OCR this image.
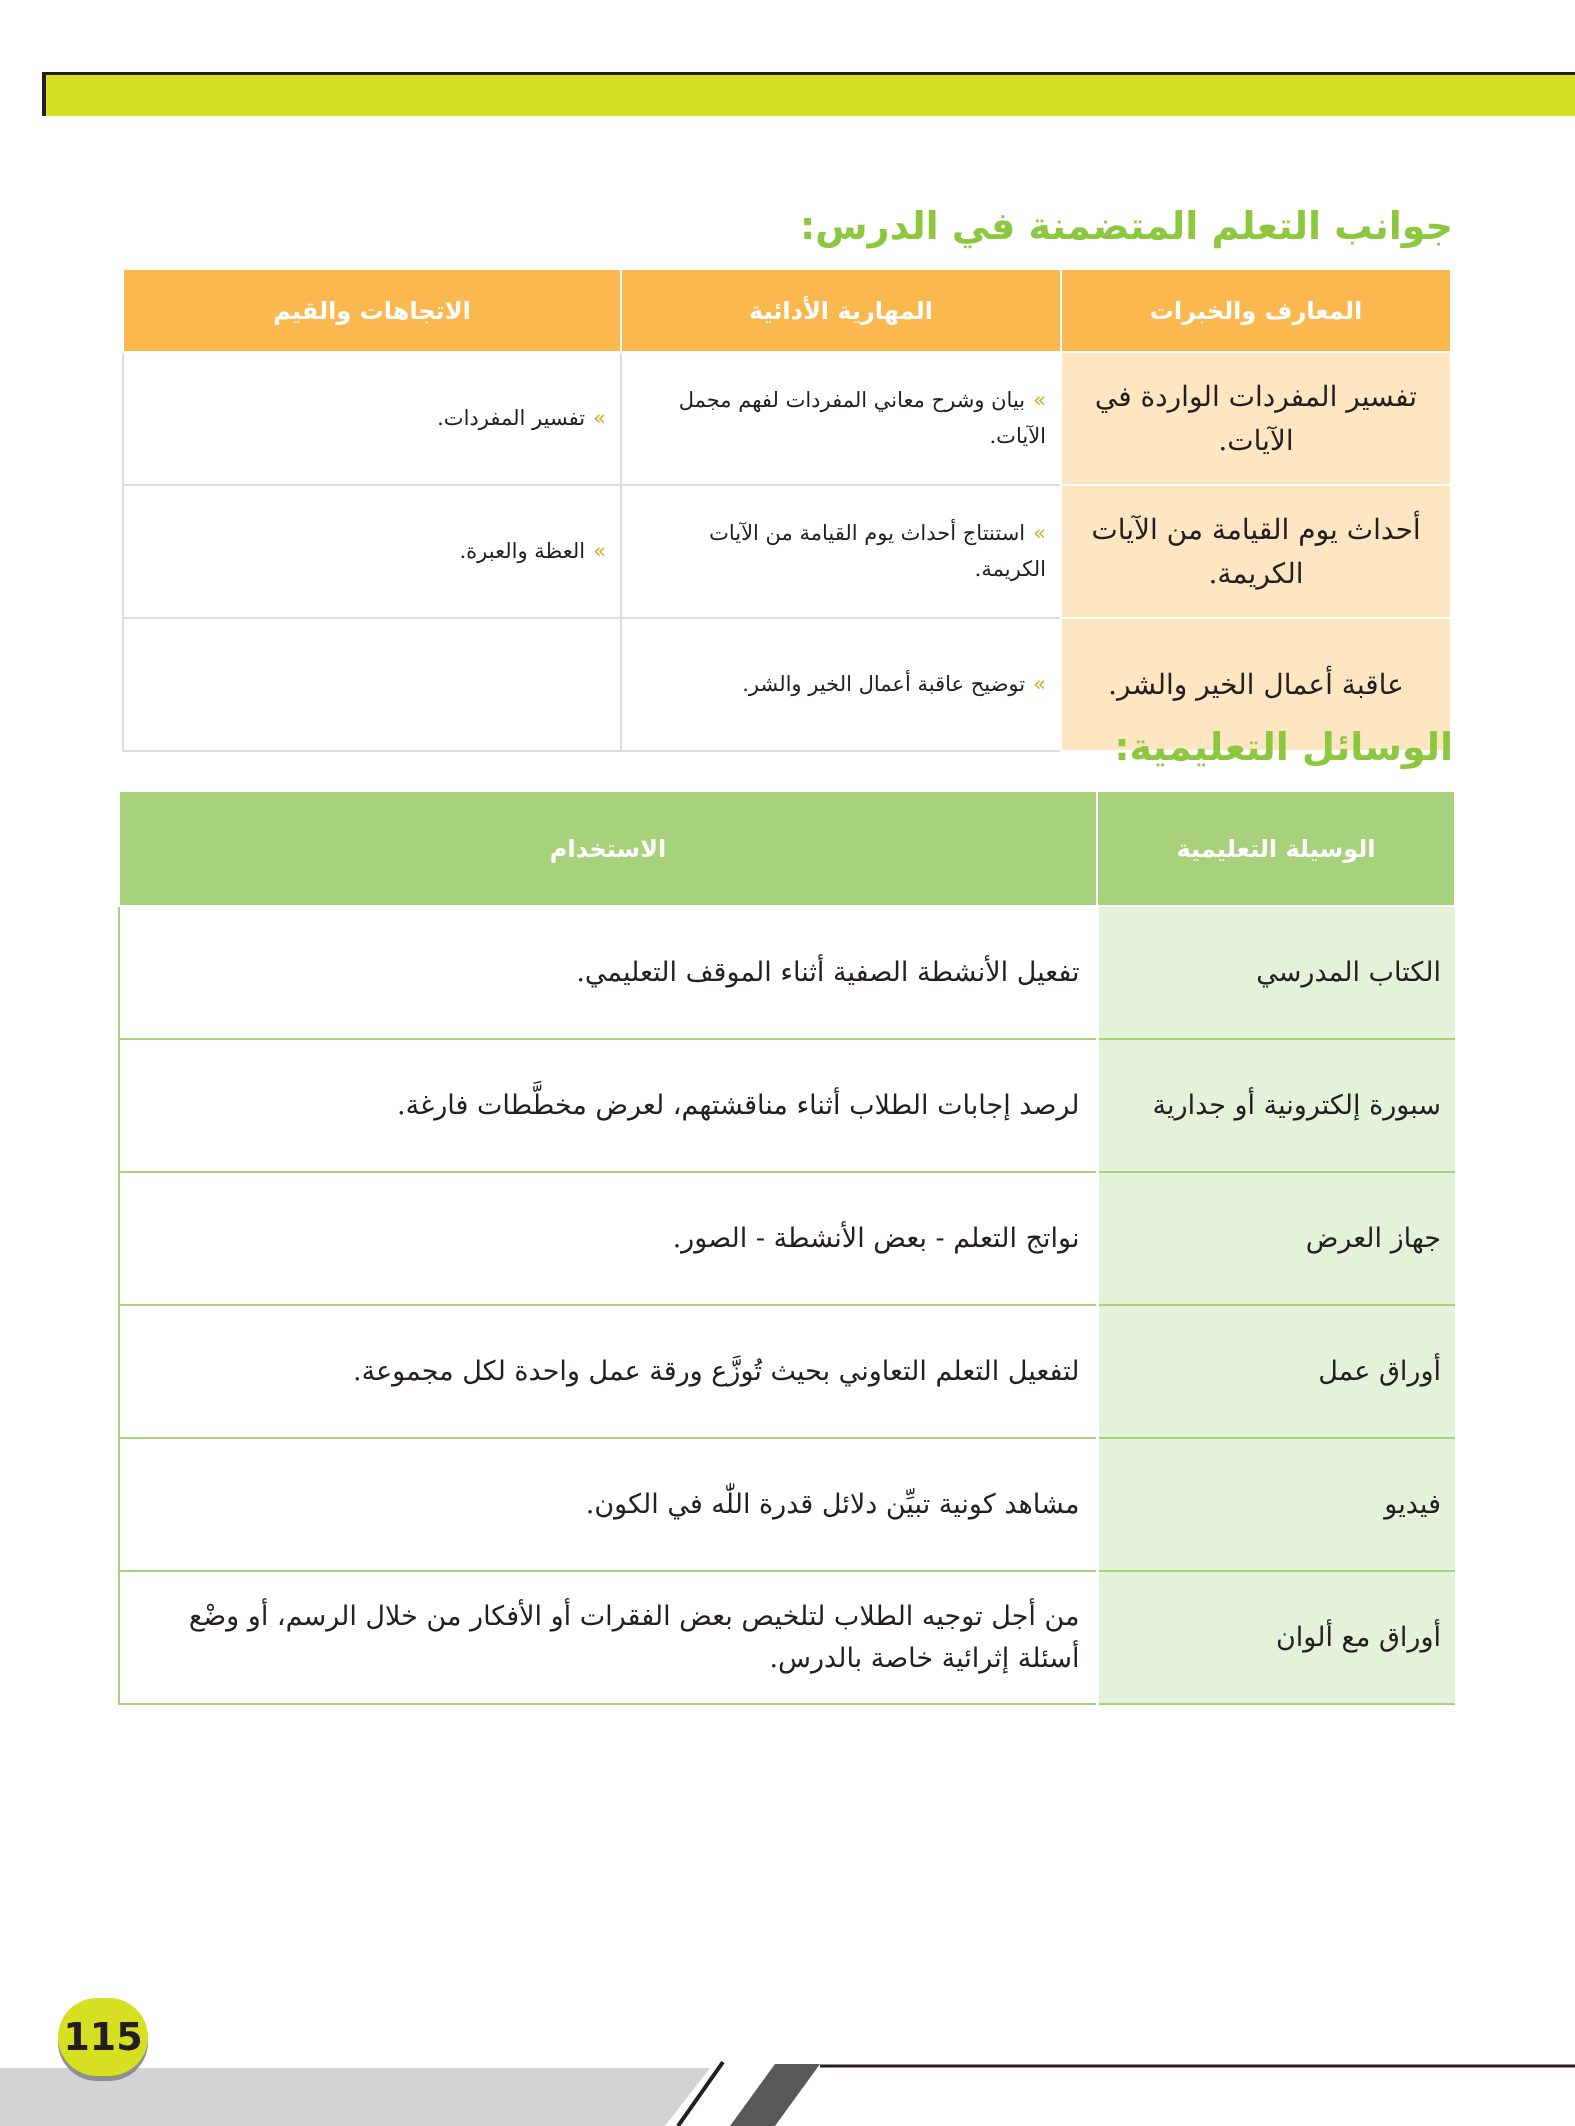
جوانب التعلم المتضمنة في الدرس:
المعارف والخبرات	المهارية الأدائية	الاتجاهات والقيم
تفسير المفردات الواردة في الآيات.	»بيان وشرح معاني المفردات لفهم مجمل الآيات.	»تفسير المفردات.
أحداث يوم القيامة من الآيات الكريمة.	»استنتاج أحداث يوم القيامة من الآيات الكريمة.	»العظة والعبرة.
عاقبة أعمال الخير والشر.	»توضيح عاقبة أعمال الخير والشر.	
الوسائل التعليمية:
الوسيلة التعليمية	الاستخدام
الكتاب المدرسي	تفعيل الأنشطة الصفية أثناء الموقف التعليمي.
سبورة إلكترونية أو جدارية	لرصد إجابات الطلاب أثناء مناقشتهم، لعرض مخطَّطات فارغة.
جهاز العرض	نواتج التعلم - بعض الأنشطة - الصور.
أوراق عمل	لتفعيل التعلم التعاوني بحيث تُوزَّع ورقة عمل واحدة لكل مجموعة.
فيديو	مشاهد كونية تبيِّن دلائل قدرة اللّٰه في الكون.
أوراق مع ألوان	من أجل توجيه الطلاب لتلخيص بعض الفقرات أو الأفكار من خلال الرسم، أو وضْع أسئلة إثرائية خاصة بالدرس.
115
